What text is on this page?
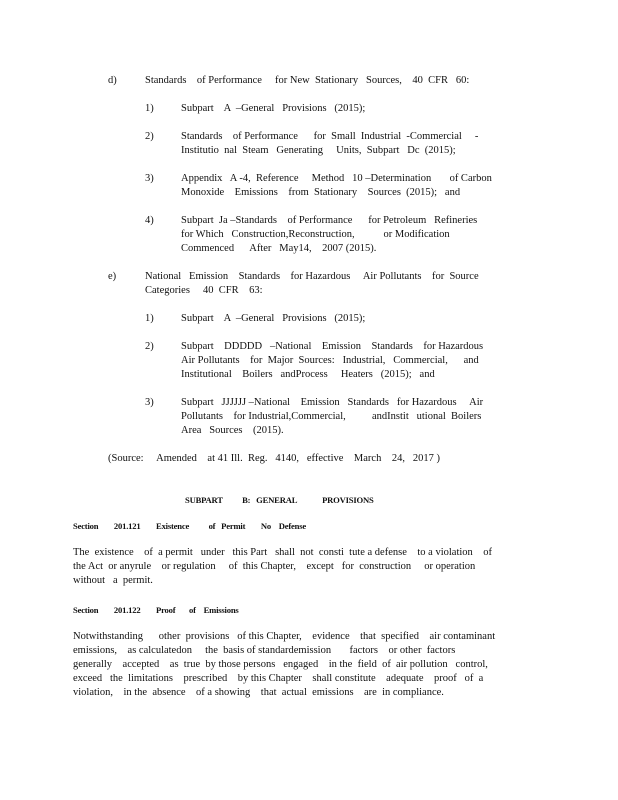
d)	Standards    of Performance     for New  Stationary   Sources,    40  CFR   60:
1)	Subpart    A  –General   Provisions   (2015);
2)	Standards    of Performance      for  Small  Industrial  -Commercial     -
Institutio  nal  Steam   Generating     Units,  Subpart   Dc  (2015);
3)	Appendix   A -4,  Reference     Method   10 –Determination       of Carbon
Monoxide    Emissions    from  Stationary    Sources  (2015);   and
4)	Subpart  Ja –Standards    of Performance      for Petroleum   Refineries
for Which   Construction,Reconstruction,           or Modification
Commenced      After   May14,    2007 (2015).
e)	National   Emission    Standards    for Hazardous     Air Pollutants    for  Source
Categories     40  CFR    63:
1)	Subpart    A  –General   Provisions   (2015);
2)	Subpart    DDDDD   –National    Emission    Standards    for Hazardous
Air Pollutants    for  Major  Sources:   Industrial,   Commercial,      and
Institutional    Boilers   andProcess     Heaters   (2015);   and
3)	Subpart   JJJJJJ –National    Emission   Standards   for Hazardous     Air
Pollutants    for Industrial,Commercial,          andInstit   utional  Boilers
Area   Sources    (2015).
(Source:     Amended    at 41 Ill.  Reg.   4140,   effective    March    24,   2017 )
SUBPART          B:   GENERAL             PROVISIONS
Section        201.121        Existence          of   Permit        No    Defense
The  existence    of  a permit   under   this Part   shall  not  consti  tute a defense    to a violation    of
the Act  or anyrule    or regulation     of  this Chapter,    except   for  construction     or operation
without   a  permit.
Section        201.122        Proof       of    Emissions
Notwithstanding      other  provisions   of this Chapter,    evidence    that  specified    air contaminant
emissions,    as calculatedon     the  basis of standardemission       factors    or other  factors
generally    accepted    as  true  by those persons   engaged    in the  field  of  air pollution   control,
exceed   the  limitations    prescribed    by this Chapter    shall constitute    adequate    proof   of  a
violation,    in the  absence    of a showing    that  actual  emissions    are  in compliance.
